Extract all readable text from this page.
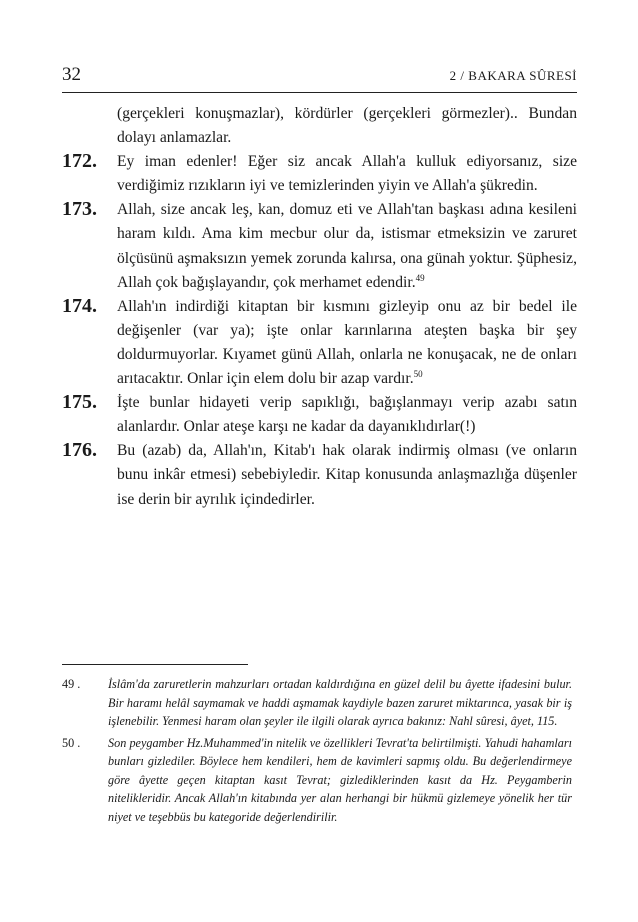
32	2 / BAKARA SÛRESİ
(gerçekleri konuşmazlar), kördürler (gerçekleri görmezler).. Bundan dolayı anlamazlar.
172. Ey iman edenler! Eğer siz ancak Allah'a kulluk ediyorsanız, size verdiğimiz rızıkların iyi ve temizlerinden yiyin ve Allah'a şükredin.
173. Allah, size ancak leş, kan, domuz eti ve Allah'tan başkası adına kesileni haram kıldı. Ama kim mecbur olur da, istismar etmeksizin ve zaruret ölçüsünü aşmaksızın yemek zorunda kalırsa, ona günah yoktur. Şüphesiz, Allah çok bağışlayandır, çok merhamet edendir.$^{49}$
174. Allah'ın indirdiği kitaptan bir kısmını gizleyip onu az bir bedel ile değişenler (var ya); işte onlar karınlarına ateşten başka bir şey doldurmuyorlar. Kıyamet günü Allah, onlarla ne konuşacak, ne de onları arıtacaktır. Onlar için elem dolu bir azap vardır.$^{50}$
175. İşte bunlar hidayeti verip sapıklığı, bağışlanmayı verip azabı satın alanlardır. Onlar ateşe karşı ne kadar da dayanıklıdırlar(!)
176. Bu (azab) da, Allah'ın, Kitab'ı hak olarak indirmiş olması (ve onların bunu inkâr etmesi) sebebiyledir. Kitap konusunda anlaşmazlığa düşenler ise derin bir ayrılık içindedirler.
49 . İslâm'da zaruretlerin mahzurları ortadan kaldırdığına en güzel delil bu âyette ifadesini bulur. Bir haramı helâl saymamak ve haddi aşmamak kaydiyle bazen zaruret miktarınca, yasak bir iş işlenebilir. Yenmesi haram olan şeyler ile ilgili olarak ayrıca bakınız: Nahl sûresi, âyet, 115.
50 . Son peygamber Hz.Muhammed'in nitelik ve özellikleri Tevrat'ta belirtilmişti. Yahudi hahamları bunları gizlediler. Böylece hem kendileri, hem de kavimleri sapmış oldu. Bu değerlendirmeye göre âyette geçen kitaptan kasıt Tevrat; gizlediklerinden kasıt da Hz. Peygamberin nitelikleridir. Ancak Allah'ın kitabında yer alan herhangi bir hükmü gizlemeye yönelik her tür niyet ve teşebbüs bu kategoride değerlendirilir.
